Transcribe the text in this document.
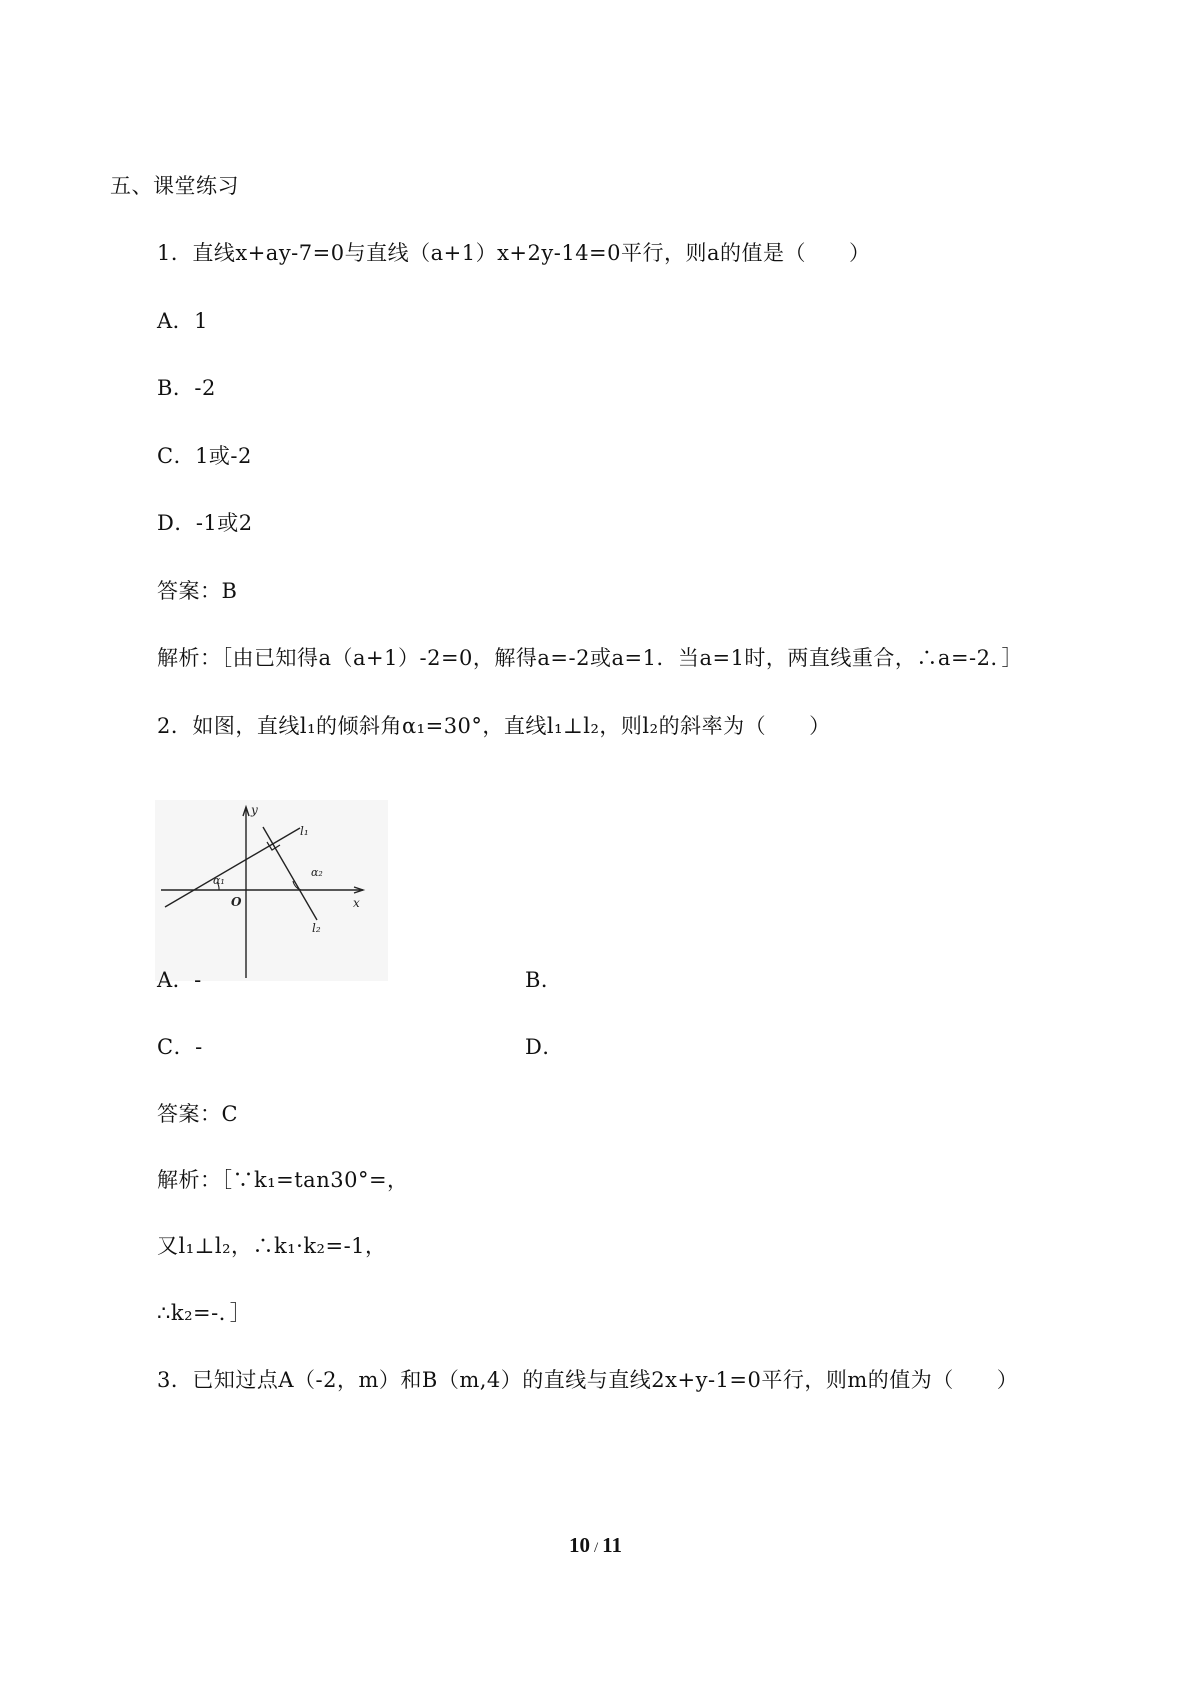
五、课堂练习
1．直线x+ay-7=0与直线（a+1）x+2y-14=0平行，则a的值是（　　）
A．1
B．-2
C．1或-2
D．-1或2
答案：B
解析：［由已知得a（a+1）-2=0，解得a=-2或a=1．当a=1时，两直线重合，∴a=-2．］
2．如图，直线l₁的倾斜角α₁=30°，直线l₁⊥l₂，则l₂的斜率为（　　）
y
x
O
l₁
l₂
α₁
α₂
A．-	B．
C．-	D．
答案：C
解析：［∵k₁=tan30°=，
又l₁⊥l₂，∴k₁·k₂=-1，
∴k₂=-．］
3．已知过点A（-2，m）和B（m,4）的直线与直线2x+y-1=0平行，则m的值为（　　）
10 / 11
